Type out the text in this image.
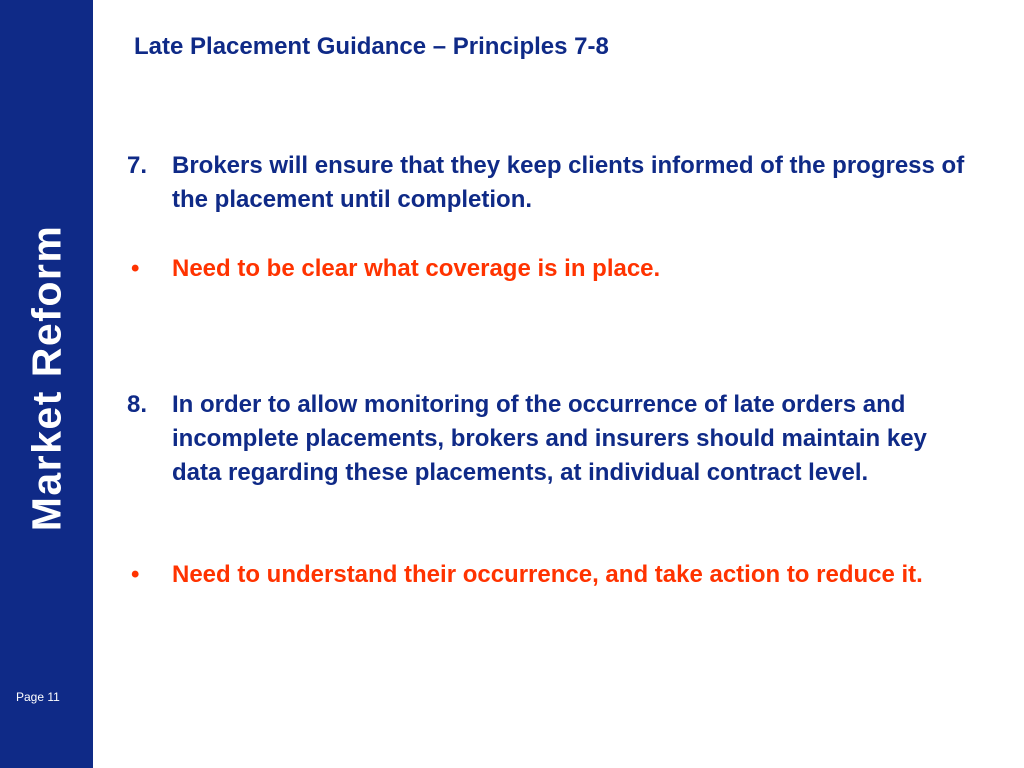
Market Reform
Page 11
Late Placement Guidance – Principles 7-8
7. Brokers will ensure that they keep clients informed of the progress of the placement until completion.
• Need to be clear what coverage is in place.
8. In order to allow monitoring of the occurrence of late orders and incomplete placements, brokers and insurers should maintain key data regarding these placements, at individual contract level.
• Need to understand their occurrence, and take action to reduce it.
